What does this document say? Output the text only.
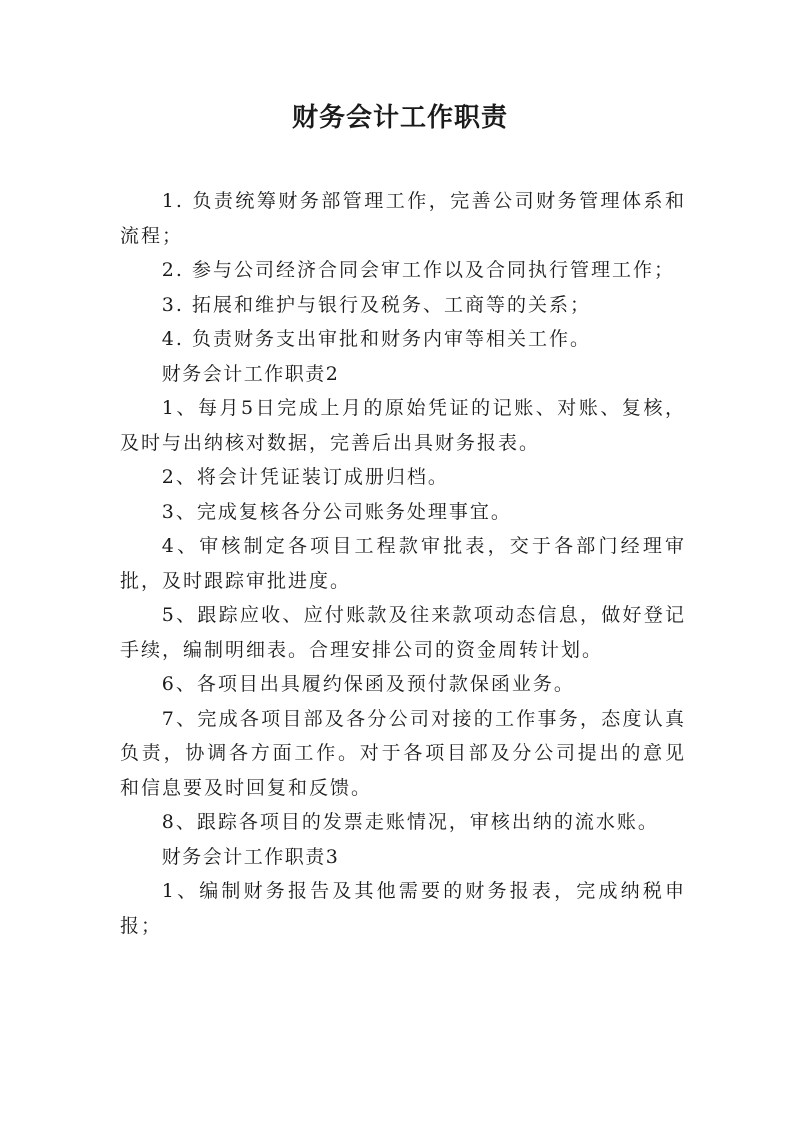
财务会计工作职责

1. 负责统筹财务部管理工作，完善公司财务管理体系和流程；

2. 参与公司经济合同会审工作以及合同执行管理工作；

3. 拓展和维护与银行及税务、工商等的关系；

4. 负责财务支出审批和财务内审等相关工作。

财务会计工作职责2

1、每月5日完成上月的原始凭证的记账、对账、复核，及时与出纳核对数据，完善后出具财务报表。

2、将会计凭证装订成册归档。

3、完成复核各分公司账务处理事宜。

4、审核制定各项目工程款审批表，交于各部门经理审批，及时跟踪审批进度。

5、跟踪应收、应付账款及往来款项动态信息，做好登记手续，编制明细表。合理安排公司的资金周转计划。

6、各项目出具履约保函及预付款保函业务。

7、完成各项目部及各分公司对接的工作事务，态度认真负责，协调各方面工作。对于各项目部及分公司提出的意见和信息要及时回复和反馈。

8、跟踪各项目的发票走账情况，审核出纳的流水账。

财务会计工作职责3

1、编制财务报告及其他需要的财务报表，完成纳税申报；
